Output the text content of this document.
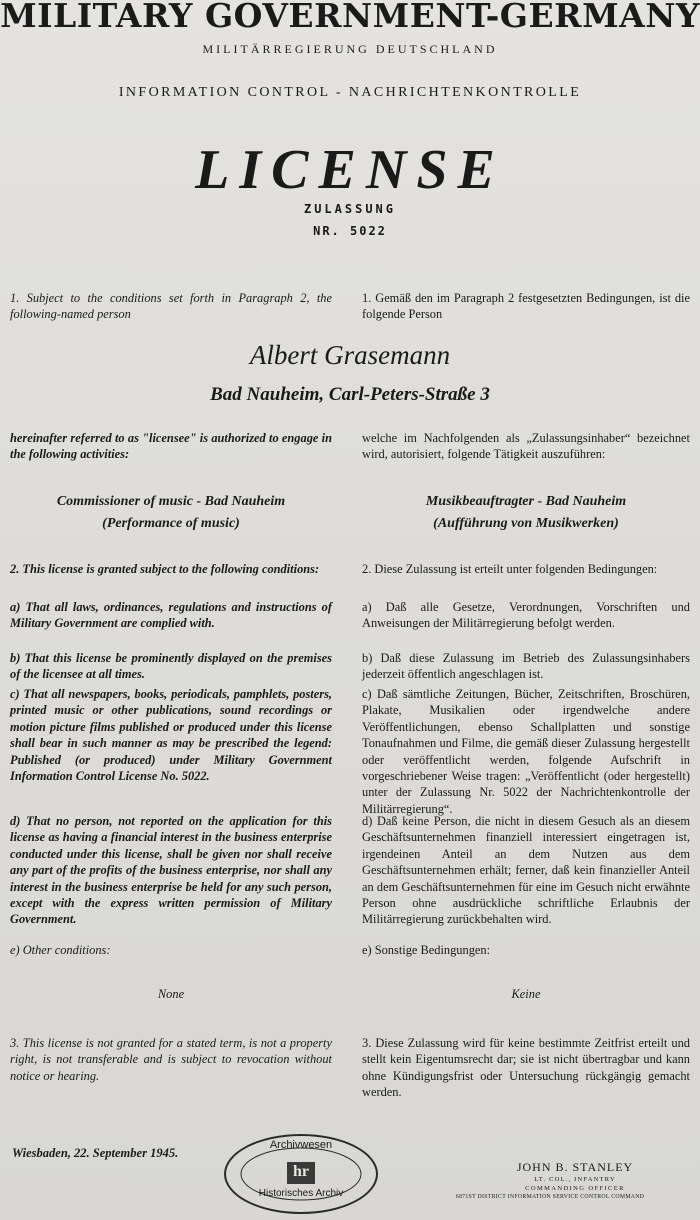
MILITARY GOVERNMENT-GERMANY
MILITÄRREGIERUNG DEUTSCHLAND
INFORMATION CONTROL - NACHRICHTENKONTROLLE
LICENSE
ZULASSUNG
NR. 5022
1. Subject to the conditions set forth in Paragraph 2, the following-named person
1. Gemäß den im Paragraph 2 festgesetzten Bedingungen, ist die folgende Person
Albert Grasemann
Bad Nauheim, Carl-Peters-Straße 3
hereinafter referred to as "licensee" is authorized to engage in the following activities:
welche im Nachfolgenden als „Zulassungsinhaber“ bezeichnet wird, autorisiert, folgende Tätigkeit auszuführen:
Commissioner of music - Bad Nauheim
(Performance of music)
Musikbeauftragter - Bad Nauheim
(Aufführung von Musikwerken)
2. This license is granted subject to the following conditions:	2. Diese Zulassung ist erteilt unter folgenden Bedingungen:
a) That all laws, ordinances, regulations and instructions of Military Government are complied with.
a) Daß alle Gesetze, Verordnungen, Vorschriften und Anweisungen der Militärregierung befolgt werden.
b) That this license be prominently displayed on the premises of the licensee at all times.
b) Daß diese Zulassung im Betrieb des Zulassungsinhabers jederzeit öffentlich angeschlagen ist.
c) That all newspapers, books, periodicals, pamphlets, posters, printed music or other publications, sound recordings or motion picture films published or produced under this license shall bear in such manner as may be prescribed the legend: Published (or produced) under Military Government Information Control License No. 5022.
c) Daß sämtliche Zeitungen, Bücher, Zeitschriften, Broschüren, Plakate, Musikalien oder irgendwelche andere Veröffentlichungen, ebenso Schallplatten und sonstige Tonaufnahmen und Filme, die gemäß dieser Zulassung hergestellt oder veröffentlicht werden, folgende Aufschrift in vorgeschriebener Weise tragen: „Veröffentlicht (oder hergestellt) unter der Zulassung Nr. 5022 der Nachrichtenkontrolle der Militärregierung“.
d) That no person, not reported on the application for this license as having a financial interest in the business enterprise conducted under this license, shall be given nor shall receive any part of the profits of the business enterprise, nor shall any interest in the business enterprise be held for any such person, except with the express written permission of Military Government.
d) Daß keine Person, die nicht in diesem Gesuch als an diesem Geschäftsunternehmen finanziell interessiert eingetragen ist, irgendeinen Anteil an dem Nutzen aus dem Geschäftsunternehmen erhält; ferner, daß kein finanzieller Anteil an dem Geschäftsunternehmen für eine im Gesuch nicht erwähnte Person ohne ausdrückliche schriftliche Erlaubnis der Militärregierung zurückbehalten wird.
e) Other conditions:	e) Sonstige Bedingungen:
None	Keine
3. This license is not granted for a stated term, is not a property right, is not transferable and is subject to revocation without notice or hearing.
3. Diese Zulassung wird für keine bestimmte Zeitfrist erteilt und stellt kein Eigentumsrecht dar; sie ist nicht übertragbar und kann ohne Kündigungsfrist oder Untersuchung rückgängig gemacht werden.
Wiesbaden, 22. September 1945.
Archivwesen
hr
Historisches Archiv
JOHN B. STANLEY
LT. COL., INFANTRY
COMMANDING OFFICER
6871ST DISTRICT INFORMATION SERVICE CONTROL COMMAND
